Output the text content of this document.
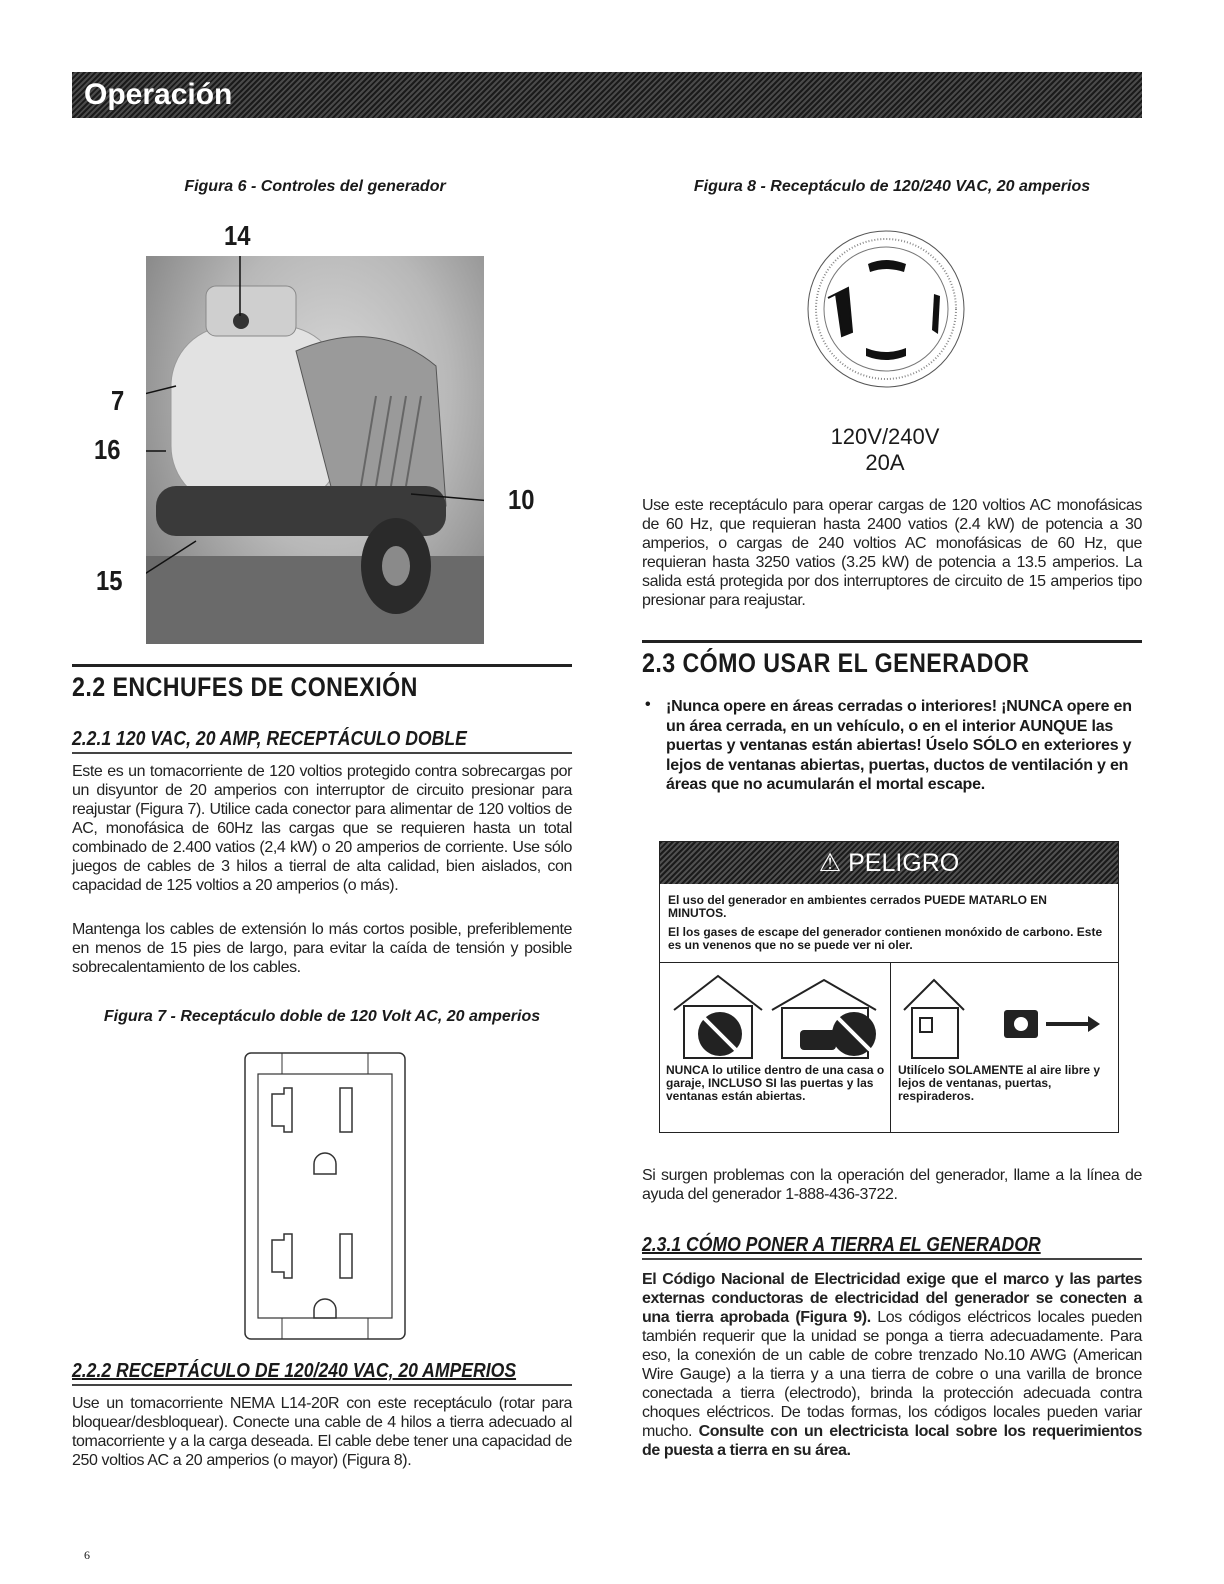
Operación
Figura 6 - Controles del generador
14
7
16
10
15
2.2 ENCHUFES DE CONEXIÓN
2.2.1 120 VAC, 20 AMP, RECEPTÁCULO DOBLE
Este es un tomacorriente de 120 voltios protegido contra sobrecargas por un disyuntor de 20 amperios con interruptor de circuito presionar para reajustar (Figura 7). Utilice cada conector para alimentar de 120 voltios de AC, monofásica de 60Hz las cargas que se requieren hasta un total combinado de 2.400 vatios (2,4 kW) o 20 amperios de corriente. Use sólo juegos de cables de 3 hilos a tierral de alta calidad, bien aislados, con capacidad de 125 voltios a 20 amperios (o más).
Mantenga los cables de extensión lo más cortos posible, preferiblemente en menos de 15 pies de largo, para evitar la caída de tensión y posible sobrecalentamiento de los cables.
Figura 7 - Receptáculo doble de 120 Volt AC, 20 amperios
2.2.2 RECEPTÁCULO DE 120/240 VAC, 20 AMPERIOS
Use un tomacorriente NEMA L14-20R con este receptáculo (rotar para bloquear/desbloquear). Conecte una cable de 4 hilos a tierra adecuado al tomacorriente y a la carga deseada. El cable debe tener una capacidad de 250 voltios AC a 20 amperios (o mayor) (Figura 8).
6
Figura 8 - Receptáculo de 120/240 VAC, 20 amperios
120V/240V
20A
Use este receptáculo para operar cargas de 120 voltios AC monofásicas de 60 Hz, que requieran hasta 2400 vatios (2.4 kW) de potencia a 30 amperios, o cargas de 240 voltios AC monofásicas de 60 Hz, que requieran hasta 3250 vatios (3.25 kW) de potencia a 13.5 amperios. La salida está protegida por dos interruptores de circuito de 15 amperios tipo presionar para reajustar.
2.3 CÓMO USAR EL GENERADOR
• ¡Nunca opere en áreas cerradas o interiores! ¡NUNCA opere en un área cerrada, en un vehículo, o en el interior AUNQUE las puertas y ventanas están abiertas! Úselo SÓLO en exteriores y lejos de ventanas abiertas, puertas, ductos de ventilación y en áreas que no acumularán el mortal escape.
⚠ PELIGRO
El uso del generador en ambientes cerrados PUEDE MATARLO EN MINUTOS.
El los gases de escape del generador contienen monóxido de carbono. Este es un venenos que no se puede ver ni oler.
NUNCA lo utilice dentro de una casa o garaje, INCLUSO SI las puertas y las ventanas están abiertas.
Utilícelo SOLAMENTE al aire libre y lejos de ventanas, puertas, respiraderos.
Si surgen problemas con la operación del generador, llame a la línea de ayuda del generador 1-888-436-3722.
2.3.1 CÓMO PONER A TIERRA EL GENERADOR
El Código Nacional de Electricidad exige que el marco y las partes externas conductoras de electricidad del generador se conecten a una tierra aprobada (Figura 9). Los códigos eléctricos locales pueden también requerir que la unidad se ponga a tierra adecuadamente. Para eso, la conexión de un cable de cobre trenzado No.10 AWG (American Wire Gauge) a la tierra y a una tierra de cobre o una varilla de bronce conectada a tierra (electrodo), brinda la protección adecuada contra choques eléctricos. De todas formas, los códigos locales pueden variar mucho. Consulte con un electricista local sobre los requerimientos de puesta a tierra en su área.
